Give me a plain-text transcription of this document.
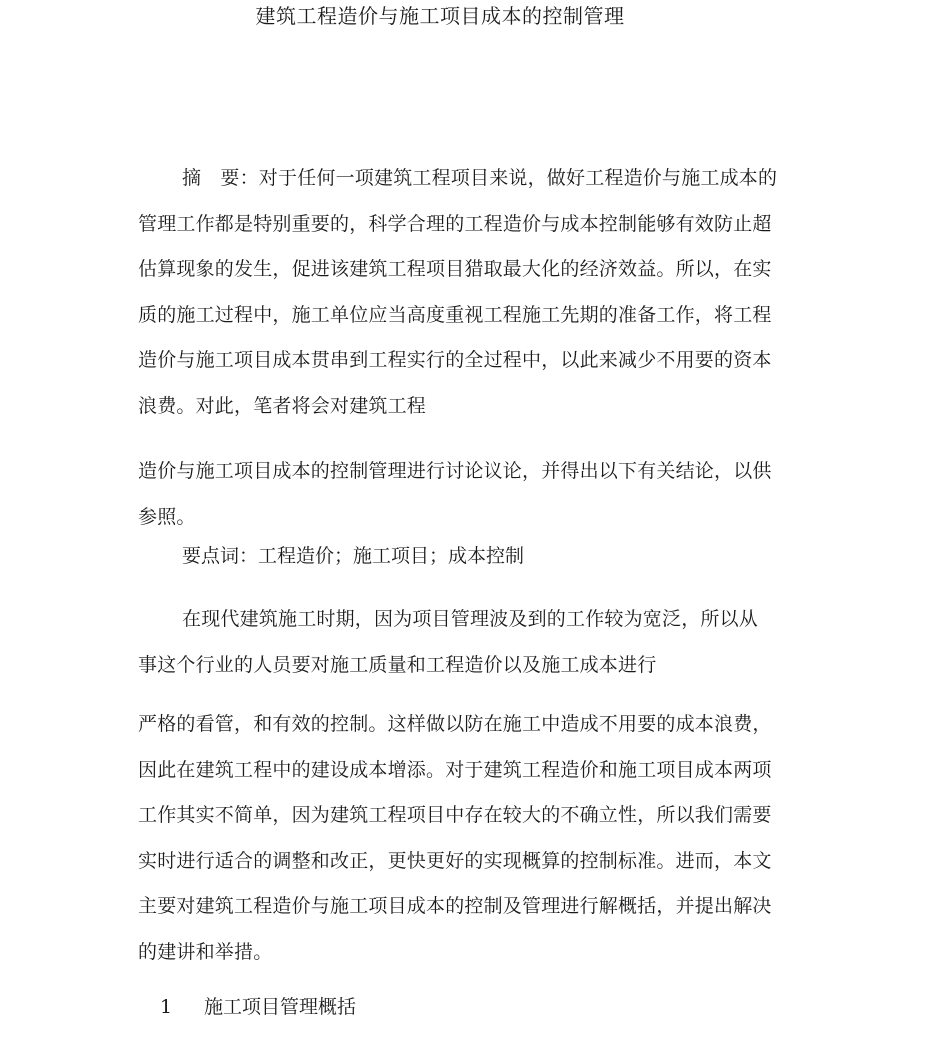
建筑工程造价与施工项目成本的控制管理
摘　要：对于任何一项建筑工程项目来说，做好工程造价与施工成本的
管理工作都是特别重要的，科学合理的工程造价与成本控制能够有效防止超
估算现象的发生，促进该建筑工程项目猎取最大化的经济效益。所以，在实
质的施工过程中，施工单位应当高度重视工程施工先期的准备工作，将工程
造价与施工项目成本贯串到工程实行的全过程中，以此来减少不用要的资本
浪费。对此，笔者将会对建筑工程
造价与施工项目成本的控制管理进行讨论议论，并得出以下有关结论，以供
参照。
要点词：工程造价；施工项目；成本控制
在现代建筑施工时期，因为项目管理波及到的工作较为宽泛，所以从
事这个行业的人员要对施工质量和工程造价以及施工成本进行
严格的看管，和有效的控制。这样做以防在施工中造成不用要的成本浪费，
因此在建筑工程中的建设成本增添。对于建筑工程造价和施工项目成本两项
工作其实不简单，因为建筑工程项目中存在较大的不确立性，所以我们需要
实时进行适合的调整和改正，更快更好的实现概算的控制标准。进而，本文
主要对建筑工程造价与施工项目成本的控制及管理进行解概括，并提出解决
的建讲和举措。
1 施工项目管理概括
